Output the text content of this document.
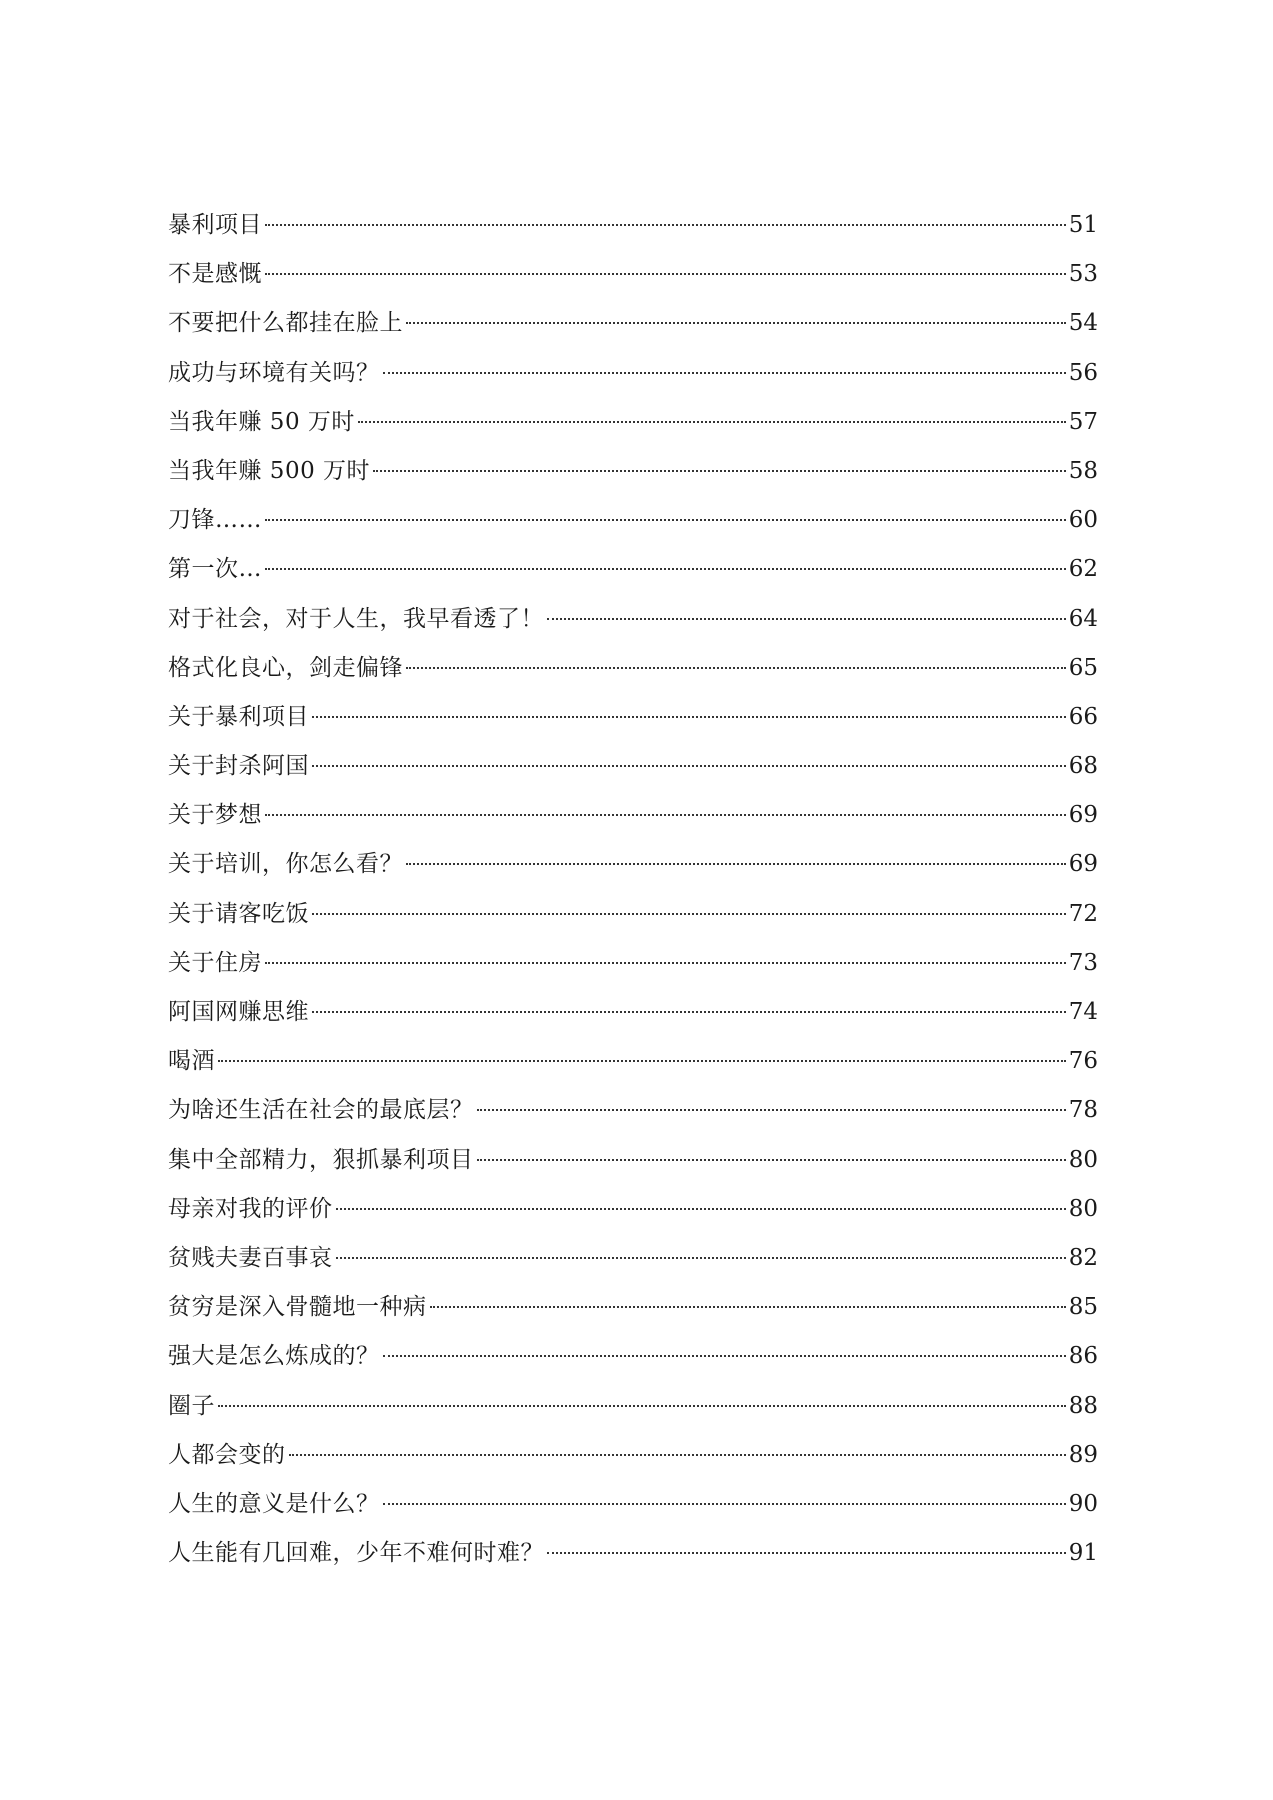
暴利项目	51
不是感慨	53
不要把什么都挂在脸上	54
成功与环境有关吗？	56
当我年赚 50 万时	57
当我年赚 500 万时	58
刀锋……	60
第一次…	62
对于社会，对于人生，我早看透了！	64
格式化良心，剑走偏锋	65
关于暴利项目	66
关于封杀阿国	68
关于梦想	69
关于培训，你怎么看？	69
关于请客吃饭	72
关于住房	73
阿国网赚思维	74
喝酒	76
为啥还生活在社会的最底层？	78
集中全部精力，狠抓暴利项目	80
母亲对我的评价	80
贫贱夫妻百事哀	82
贫穷是深入骨髓地一种病	85
强大是怎么炼成的？	86
圈子	88
人都会变的	89
人生的意义是什么？	90
人生能有几回难，少年不难何时难？	91
